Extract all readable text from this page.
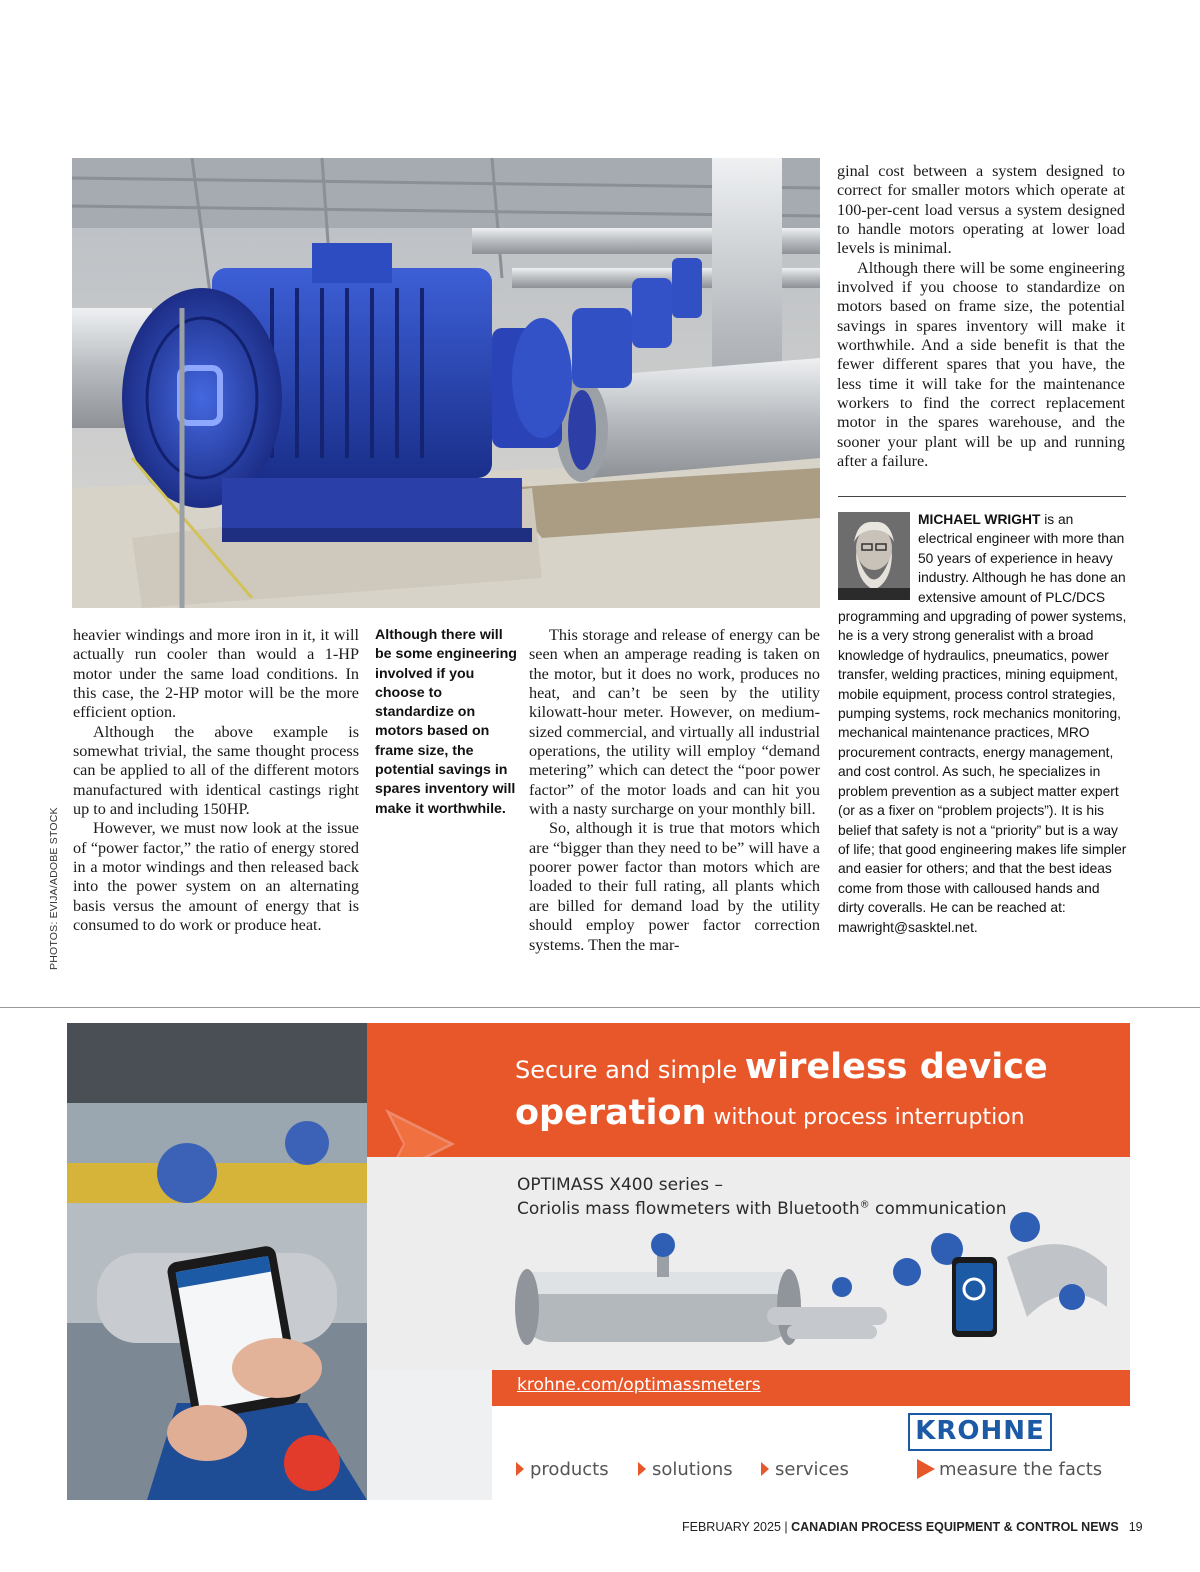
heavier windings and more iron in it, it will actually run cooler than would a 1-HP motor under the same load conditions. In this case, the 2-HP motor will be the more efficient option.

Although the above example is somewhat trivial, the same thought process can be applied to all of the different motors manufactured with identical castings right up to and including 150HP.

However, we must now look at the issue of “power factor,” the ratio of energy stored in a motor windings and then released back into the power system on an alternating basis versus the amount of energy that is consumed to do work or produce heat.

Although there will be some engineering involved if you choose to standardize on motors based on frame size, the potential savings in spares inventory will make it worthwhile.

This storage and release of energy can be seen when an amperage reading is taken on the motor, but it does no work, produces no heat, and can’t be seen by the utility kilowatt-hour meter. However, on medium-sized commercial, and virtually all industrial operations, the utility will employ “demand metering” which can detect the “poor power factor” of the motor loads and can hit you with a nasty surcharge on your monthly bill.

So, although it is true that motors which are “bigger than they need to be” will have a poorer power factor than motors which are loaded to their full rating, all plants which are billed for demand load by the utility should employ power factor correction systems. Then the mar-

ginal cost between a system designed to correct for smaller motors which operate at 100-per-cent load versus a system designed to handle motors operating at lower load levels is minimal.

Although there will be some engineering involved if you choose to standardize on motors based on frame size, the potential savings in spares inventory will make it worthwhile. And a side benefit is that the fewer different spares that you have, the less time it will take for the maintenance workers to find the correct replacement motor in the spares warehouse, and the sooner your plant will be up and running after a failure.

PHOTOS: EVIJA/ADOBE STOCK
MICHAEL WRIGHT is an electrical engineer with more than 50 years of experience in heavy industry. Although he has done an extensive amount of PLC/DCS programming and upgrading of power systems, he is a very strong generalist with a broad knowledge of hydraulics, pneumatics, power transfer, welding practices, mining equipment, mobile equipment, process control strategies, pumping systems, rock mechanics monitoring, mechanical maintenance practices, MRO procurement contracts, energy management, and cost control. As such, he specializes in problem prevention as a subject matter expert (or as a fixer on “problem projects”). It is his belief that safety is not a “priority” but is a way of life; that good engineering makes life simpler and easier for others; and that the best ideas come from those with calloused hands and dirty coveralls. He can be reached at: mawright@sasktel.net.
Secure and simple wireless device
operation without process interruption
OPTIMASS X400 series –
Coriolis mass flowmeters with Bluetooth® communication
krohne.com/optimassmeters
KROHNE
products	solutions	services	measure the facts
FEBRUARY 2025 | CANADIAN PROCESS EQUIPMENT & CONTROL NEWS 19
